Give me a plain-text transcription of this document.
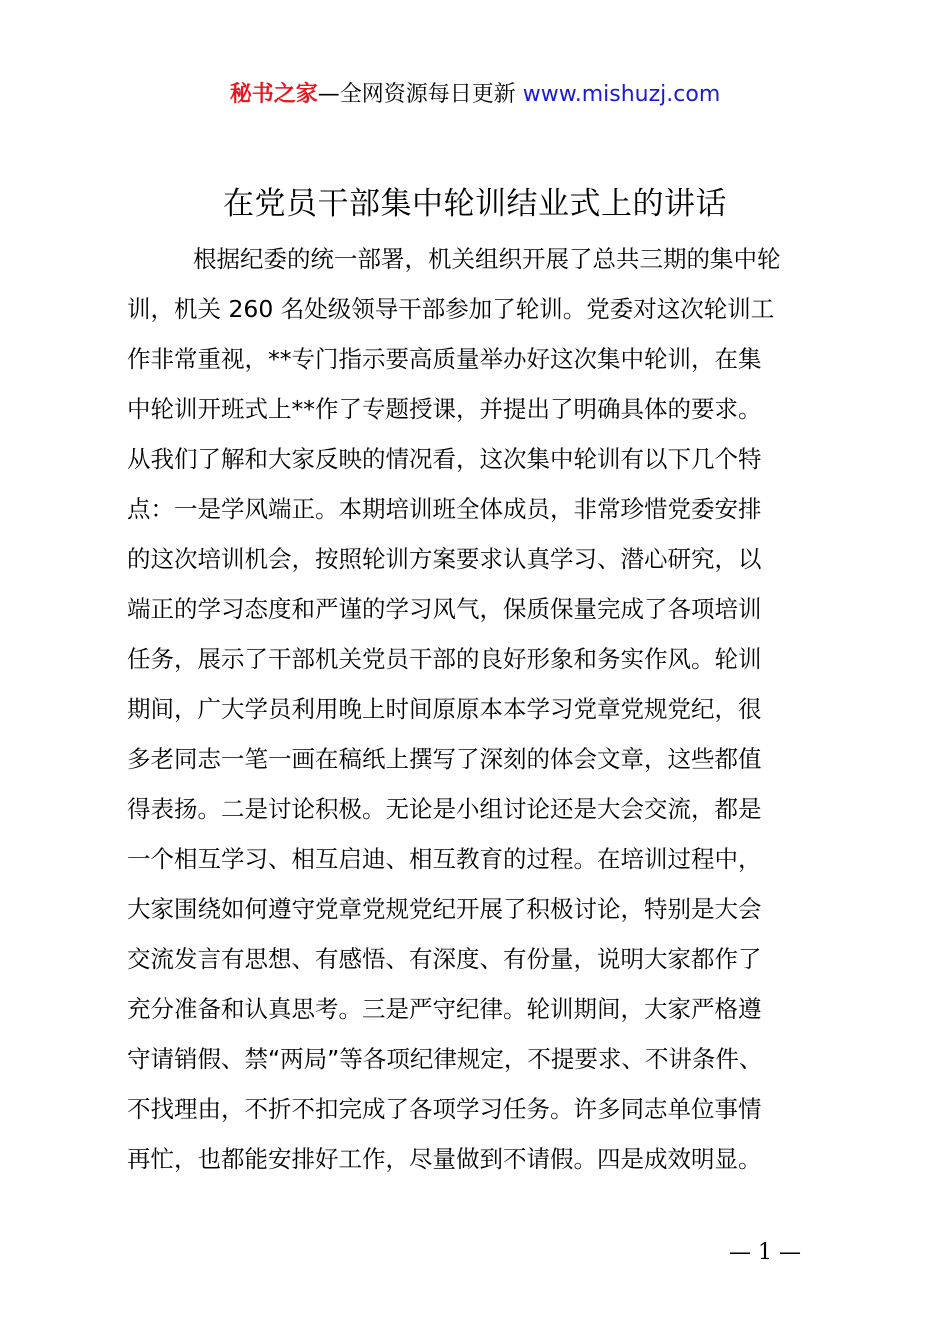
秘书之家—全网资源每日更新 www.mishuzj.com
在党员干部集中轮训结业式上的讲话
根据纪委的统一部署，机关组织开展了总共三期的集中轮
训，机关 260 名处级领导干部参加了轮训。党委对这次轮训工
作非常重视，**专门指示要高质量举办好这次集中轮训，在集
中轮训开班式上**作了专题授课，并提出了明确具体的要求。
从我们了解和大家反映的情况看，这次集中轮训有以下几个特
点：一是学风端正。本期培训班全体成员，非常珍惜党委安排
的这次培训机会，按照轮训方案要求认真学习、潜心研究，以
端正的学习态度和严谨的学习风气，保质保量完成了各项培训
任务，展示了干部机关党员干部的良好形象和务实作风。轮训
期间，广大学员利用晚上时间原原本本学习党章党规党纪，很
多老同志一笔一画在稿纸上撰写了深刻的体会文章，这些都值
得表扬。二是讨论积极。无论是小组讨论还是大会交流，都是
一个相互学习、相互启迪、相互教育的过程。在培训过程中，
大家围绕如何遵守党章党规党纪开展了积极讨论，特别是大会
交流发言有思想、有感悟、有深度、有份量，说明大家都作了
充分准备和认真思考。三是严守纪律。轮训期间，大家严格遵
守请销假、禁“两局”等各项纪律规定，不提要求、不讲条件、
不找理由，不折不扣完成了各项学习任务。许多同志单位事情
再忙，也都能安排好工作，尽量做到不请假。四是成效明显。
— 1 —
